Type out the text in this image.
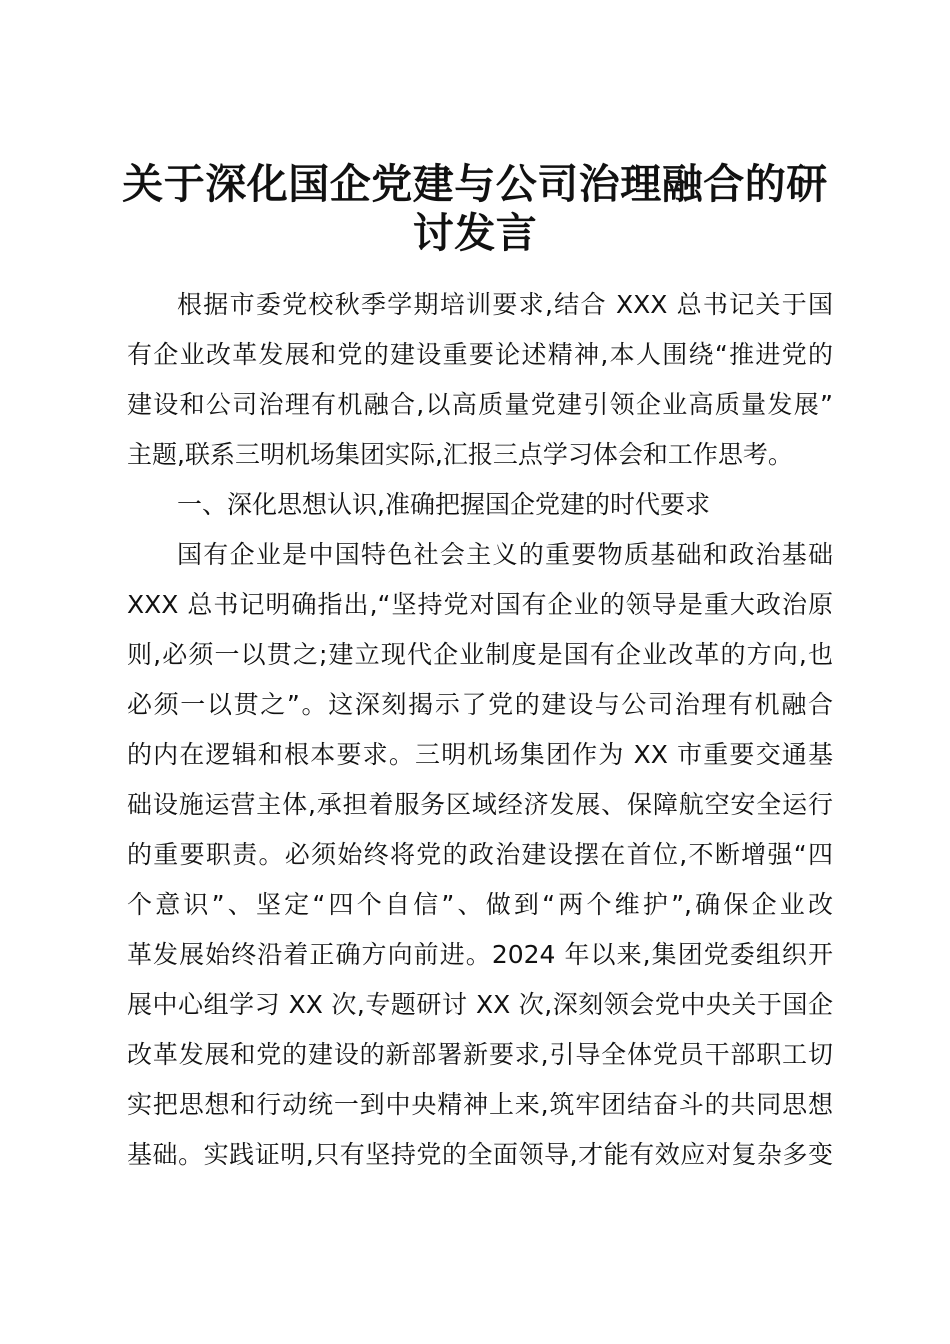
关于深化国企党建与公司治理融合的研
讨发言

根据市委党校秋季学期培训要求,结合 XXX 总书记关于国

有企业改革发展和党的建设重要论述精神,本人围绕“推进党的

建设和公司治理有机融合,以高质量党建引领企业高质量发展”

主题,联系三明机场集团实际,汇报三点学习体会和工作思考。

一、深化思想认识,准确把握国企党建的时代要求

国有企业是中国特色社会主义的重要物质基础和政治基础

XXX 总书记明确指出,“坚持党对国有企业的领导是重大政治原

则,必须一以贯之;建立现代企业制度是国有企业改革的方向,也

必须一以贯之”。这深刻揭示了党的建设与公司治理有机融合

的内在逻辑和根本要求。三明机场集团作为 XX 市重要交通基

础设施运营主体,承担着服务区域经济发展、保障航空安全运行

的重要职责。必须始终将党的政治建设摆在首位,不断增强“四

个意识”、坚定“四个自信”、做到“两个维护”,确保企业改

革发展始终沿着正确方向前进。2024 年以来,集团党委组织开

展中心组学习 XX 次,专题研讨 XX 次,深刻领会党中央关于国企

改革发展和党的建设的新部署新要求,引导全体党员干部职工切

实把思想和行动统一到中央精神上来,筑牢团结奋斗的共同思想

基础。实践证明,只有坚持党的全面领导,才能有效应对复杂多变
